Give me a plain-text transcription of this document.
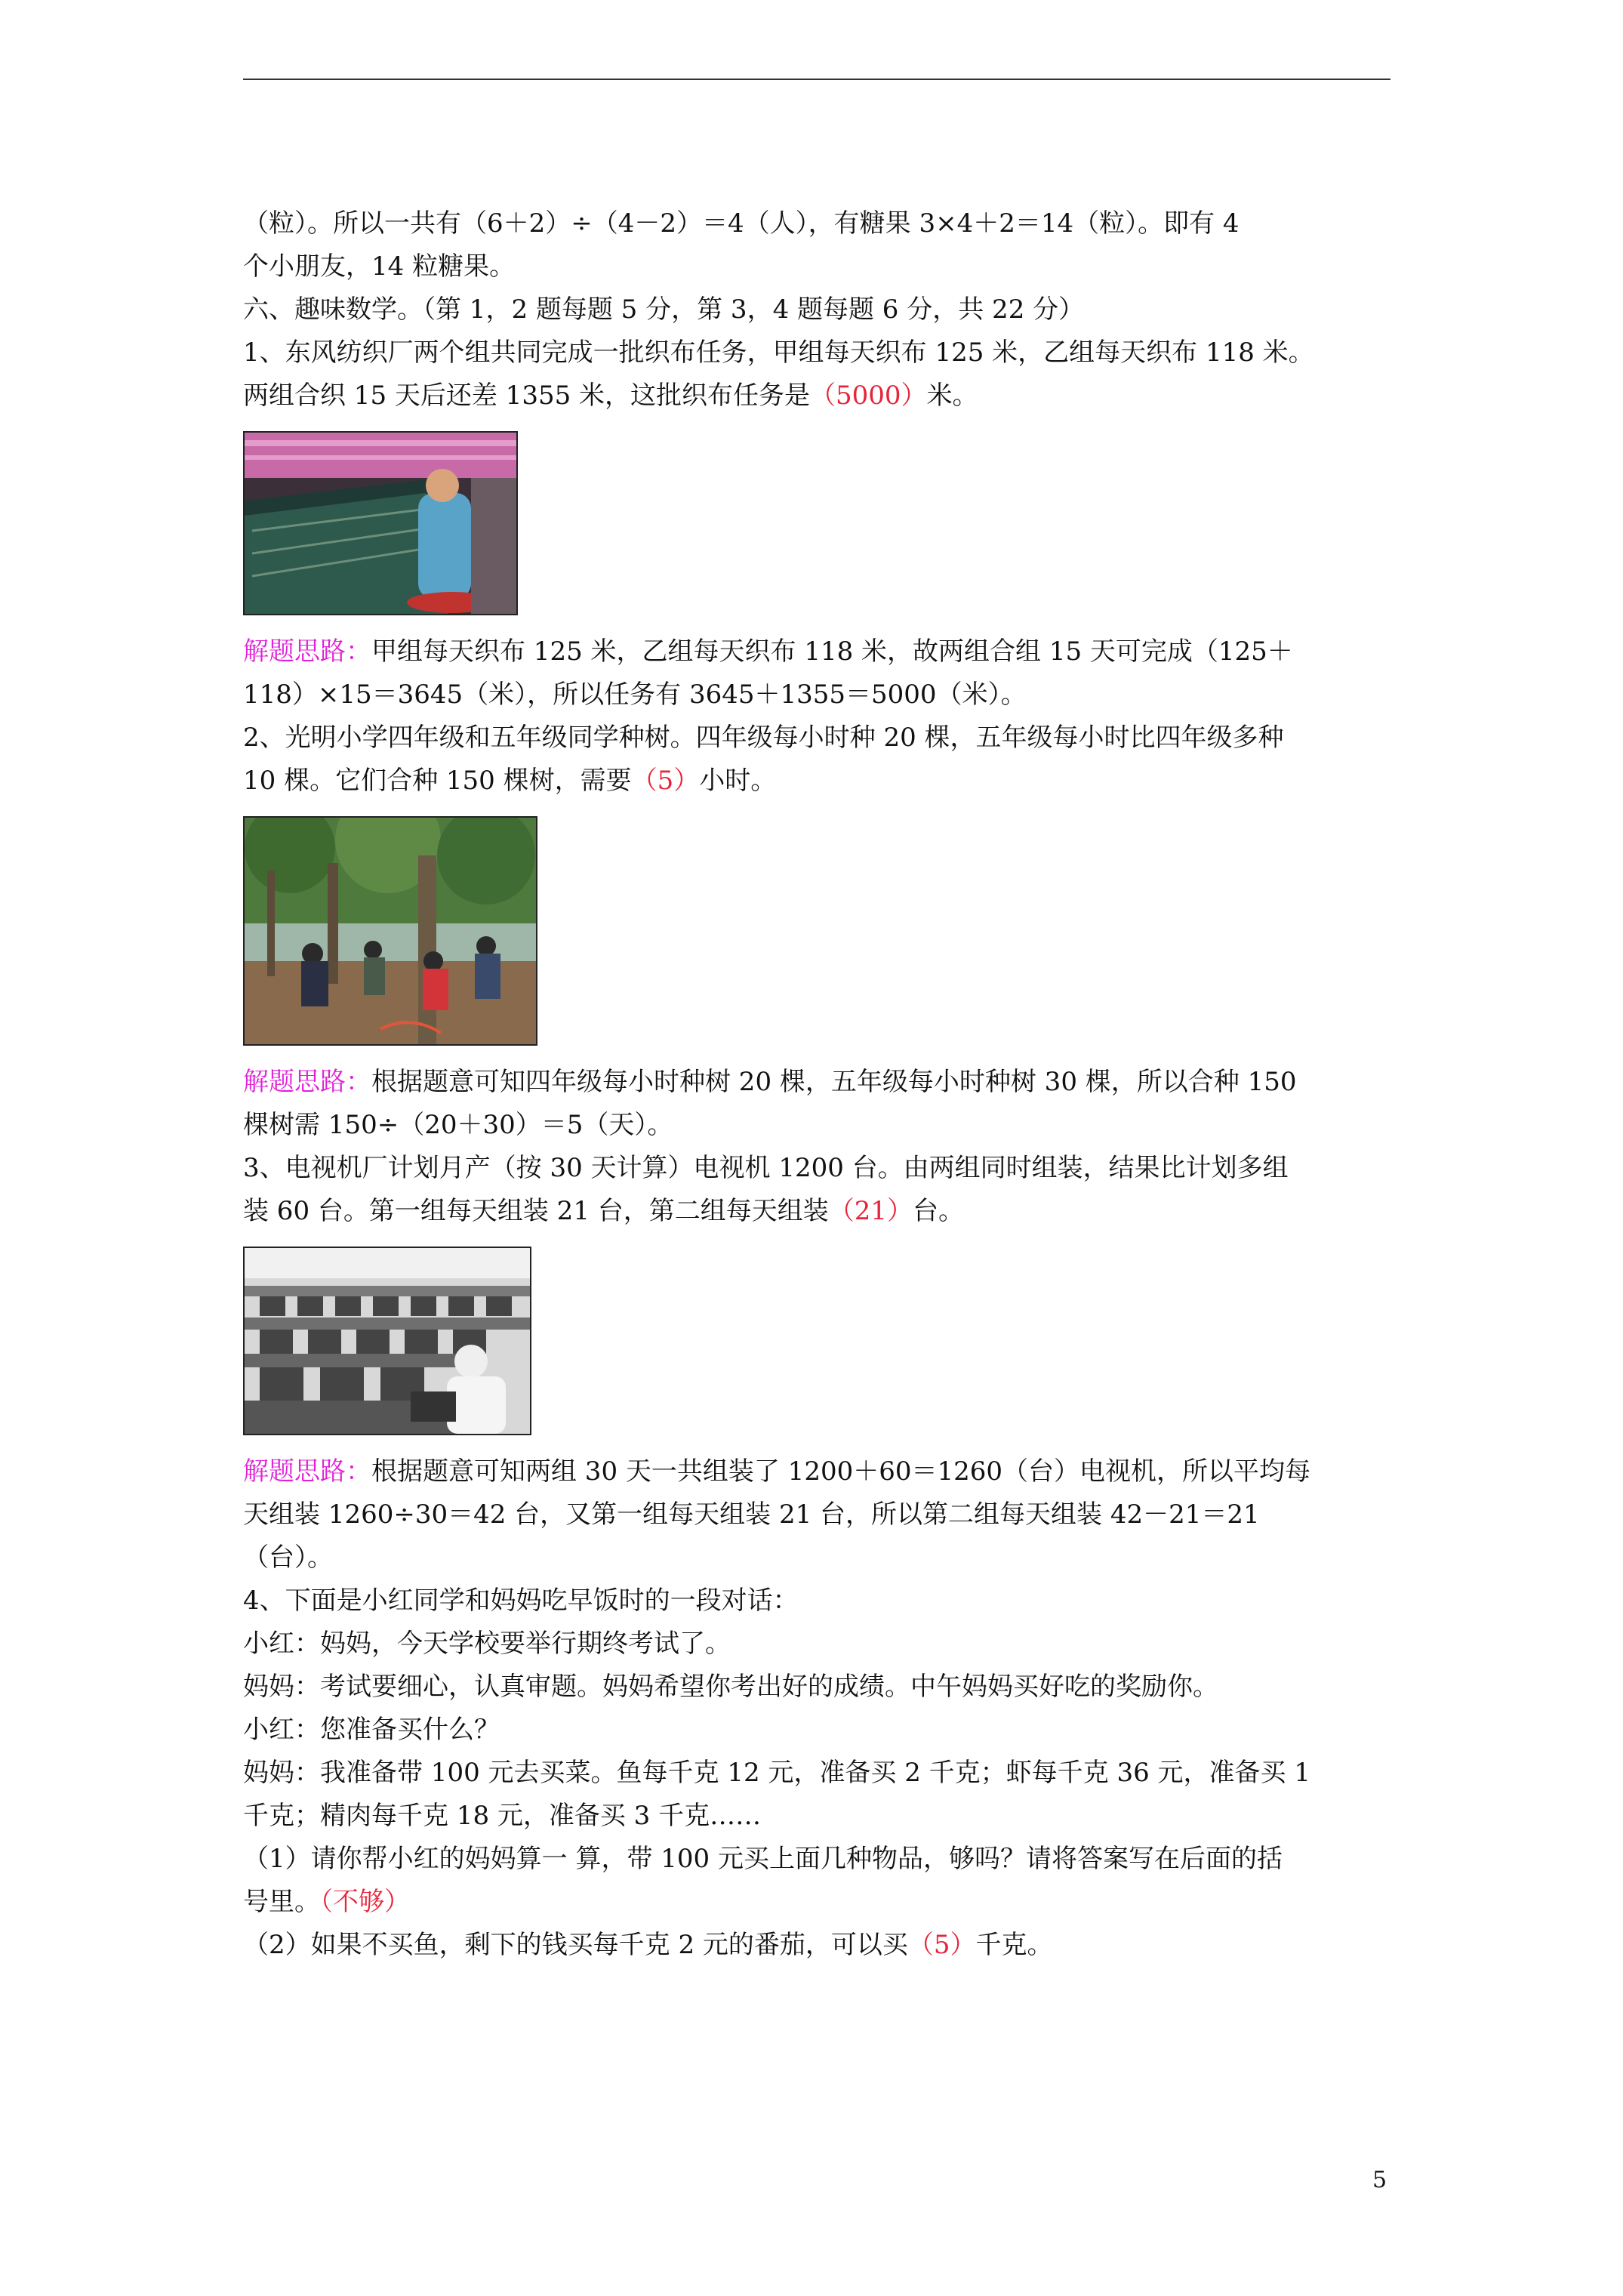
（粒）。所以一共有（6＋2）÷（4－2）＝4（人），有糖果 3×4＋2＝14（粒）。即有 4

个小朋友，14 粒糖果。

六、趣味数学。（第 1，2 题每题 5 分，第 3，4 题每题 6 分，共 22 分）

1、东风纺织厂两个组共同完成一批织布任务，甲组每天织布 125 米，乙组每天织布 118 米。

两组合织 15 天后还差 1355 米，这批织布任务是（5000）米。

解题思路：甲组每天织布 125 米，乙组每天织布 118 米，故两组合组 15 天可完成（125＋

118）×15＝3645（米），所以任务有 3645＋1355＝5000（米）。

2、光明小学四年级和五年级同学种树。四年级每小时种 20 棵，五年级每小时比四年级多种

10 棵。它们合种 150 棵树，需要（5）小时。

解题思路：根据题意可知四年级每小时种树 20 棵，五年级每小时种树 30 棵，所以合种 150

棵树需 150÷（20＋30）＝5（天）。

3、电视机厂计划月产（按 30 天计算）电视机 1200 台。由两组同时组装，结果比计划多组

装 60 台。第一组每天组装 21 台，第二组每天组装（21）台。

解题思路：根据题意可知两组 30 天一共组装了 1200＋60＝1260（台）电视机，所以平均每

天组装 1260÷30＝42 台，又第一组每天组装 21 台，所以第二组每天组装 42－21＝21

（台）。

4、下面是小红同学和妈妈吃早饭时的一段对话：

小红：妈妈，今天学校要举行期终考试了。

妈妈：考试要细心，认真审题。妈妈希望你考出好的成绩。中午妈妈买好吃的奖励你。

小红：您准备买什么？

妈妈：我准备带 100 元去买菜。鱼每千克 12 元，准备买 2 千克；虾每千克 36 元，准备买 1

千克；精肉每千克 18 元，准备买 3 千克……

（1）请你帮小红的妈妈算一 算，带 100 元买上面几种物品，够吗？请将答案写在后面的括

号里。（不够）

（2）如果不买鱼，剩下的钱买每千克 2 元的番茄，可以买（5）千克。

5
